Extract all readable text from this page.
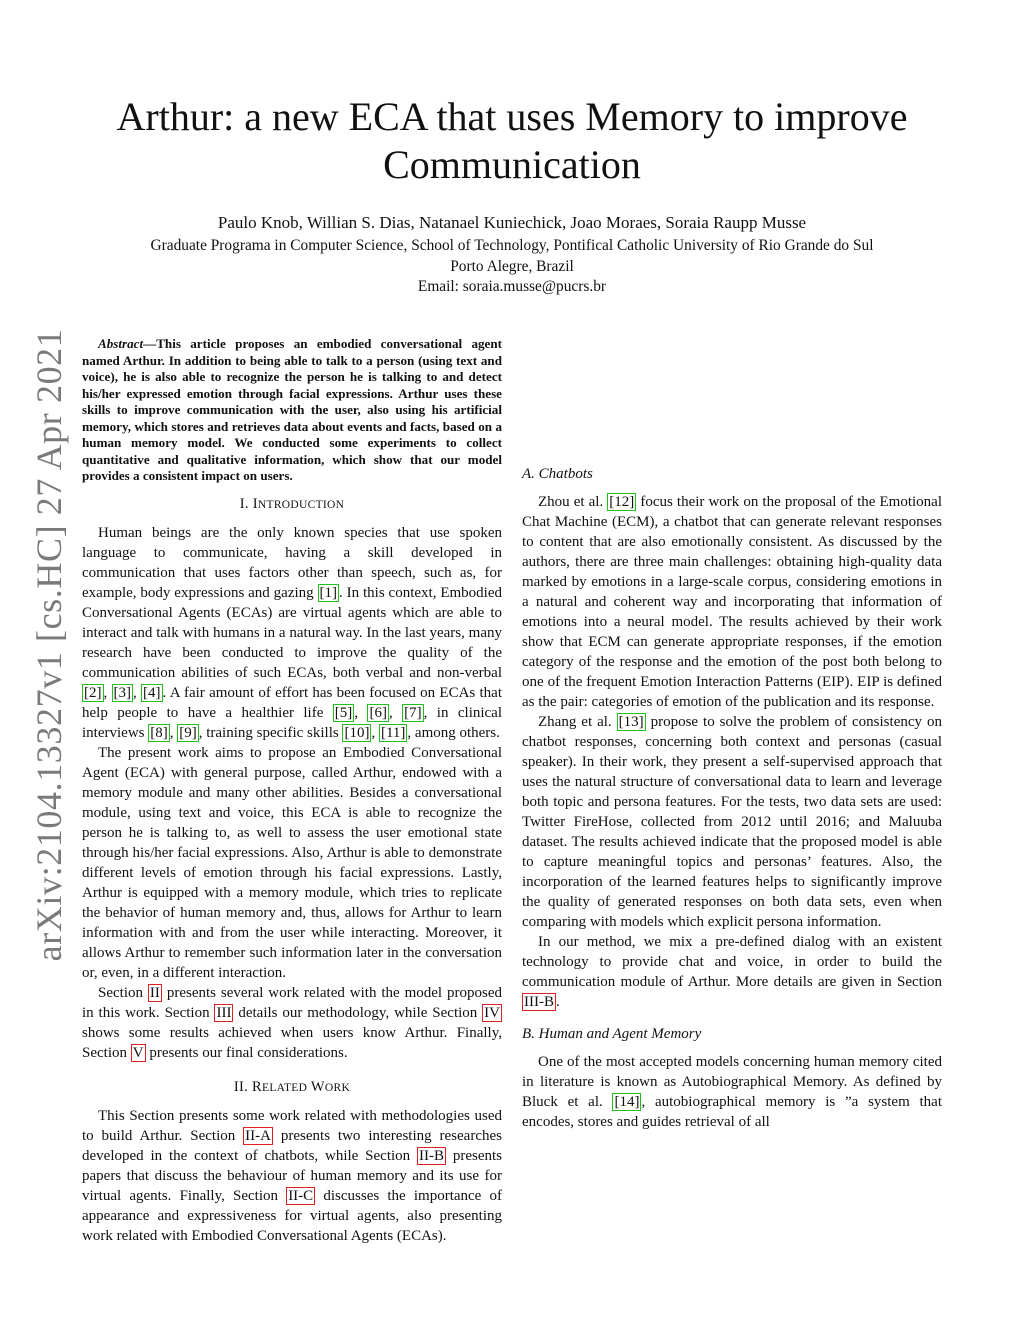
arXiv:2104.13327v1 [cs.HC] 27 Apr 2021
Arthur: a new ECA that uses Memory to improve
Communication
Paulo Knob, Willian S. Dias, Natanael Kuniechick, Joao Moraes, Soraia Raupp Musse
Graduate Programa in Computer Science, School of Technology, Pontifical Catholic University of Rio Grande do Sul
Porto Alegre, Brazil
Email: soraia.musse@pucrs.br

Abstract—This article proposes an embodied conversational agent named Arthur. In addition to being able to talk to a person (using text and voice), he is also able to recognize the person he is talking to and detect his/her expressed emotion through facial expressions. Arthur uses these skills to improve communication with the user, also using his artificial memory, which stores and retrieves data about events and facts, based on a human memory model. We conducted some experiments to collect quantitative and qualitative information, which show that our model provides a consistent impact on users.

I. INTRODUCTION

Human beings are the only known species that use spoken language to communicate, having a skill developed in communication that uses factors other than speech, such as, for example, body expressions and gazing [1] . In this context, Embodied Conversational Agents (ECAs) are virtual agents which are able to interact and talk with humans in a natural way. In the last years, many research have been conducted to improve the quality of the communication abilities of such ECAs, both verbal and non-verbal [2] , [3] , [4] . A fair amount of effort has been focused on ECAs that help people to have a healthier life [5] , [6] , [7] , in clinical interviews [8] , [9] , training specific skills [10] , [11] , among others.

The present work aims to propose an Embodied Conversational Agent (ECA) with general purpose, called Arthur, endowed with a memory module and many other abilities. Besides a conversational module, using text and voice, this ECA is able to recognize the person he is talking to, as well to assess the user emotional state through his/her facial expressions. Also, Arthur is able to demonstrate different levels of emotion through his facial expressions. Lastly, Arthur is equipped with a memory module, which tries to replicate the behavior of human memory and, thus, allows for Arthur to learn information with and from the user while interacting. Moreover, it allows Arthur to remember such information later in the conversation or, even, in a different interaction.

Section II presents several work related with the model proposed in this work. Section III details our methodology, while Section IV shows some results achieved when users know Arthur. Finally, Section V presents our final considerations.

II. RELATED WORK

This Section presents some work related with methodologies used to build Arthur. Section II-A presents two interesting researches developed in the context of chatbots, while Section II-B presents papers that discuss the behaviour of human memory and its use for virtual agents. Finally, Section II-C discusses the importance of appearance and expressiveness for virtual agents, also presenting work related with Embodied Conversational Agents (ECAs).

A. Chatbots

Zhou et al. [12] focus their work on the proposal of the Emotional Chat Machine (ECM), a chatbot that can generate relevant responses to content that are also emotionally consistent. As discussed by the authors, there are three main challenges: obtaining high-quality data marked by emotions in a large-scale corpus, considering emotions in a natural and coherent way and incorporating that information of emotions into a neural model. The results achieved by their work show that ECM can generate appropriate responses, if the emotion category of the response and the emotion of the post both belong to one of the frequent Emotion Interaction Patterns (EIP). EIP is defined as the pair: categories of emotion of the publication and its response.

Zhang et al. [13] propose to solve the problem of consistency on chatbot responses, concerning both context and personas (casual speaker). In their work, they present a self-supervised approach that uses the natural structure of conversational data to learn and leverage both topic and persona features. For the tests, two data sets are used: Twitter FireHose, collected from 2012 until 2016; and Maluuba dataset. The results achieved indicate that the proposed model is able to capture meaningful topics and personas’ features. Also, the incorporation of the learned features helps to significantly improve the quality of generated responses on both data sets, even when comparing with models which explicit persona information.

In our method, we mix a pre-defined dialog with an existent technology to provide chat and voice, in order to build the communication module of Arthur. More details are given in Section III-B .

B. Human and Agent Memory

One of the most accepted models concerning human memory cited in literature is known as Autobiographical Memory. As defined by Bluck et al. [14] , autobiographical memory is ”a system that encodes, stores and guides retrieval of all
